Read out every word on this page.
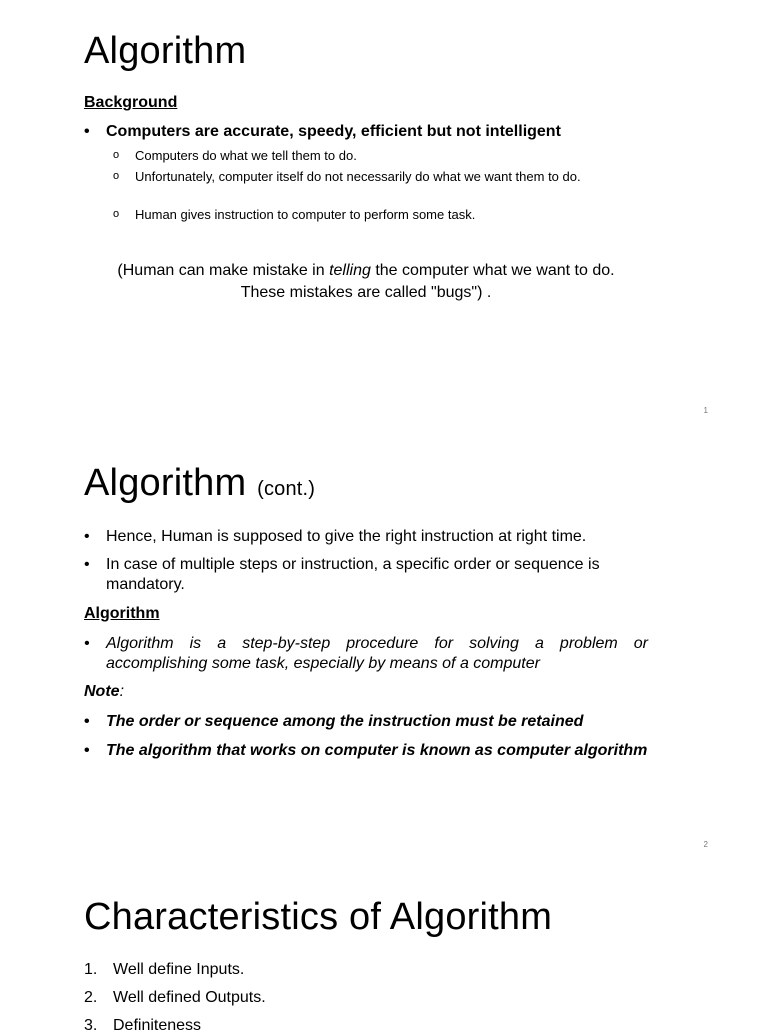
Algorithm
Background
• Computers are accurate, speedy, efficient but not intelligent
o Computers do what we tell them to do.
o Unfortunately, computer itself do not necessarily do what we want them to do.
o Human gives instruction to computer to perform some task.
(Human can make mistake in telling the computer what we want to do.
These mistakes are called "bugs") .
1
Algorithm (cont.)
• Hence, Human is supposed to give the right instruction at right time.
• In case of multiple steps or instruction, a specific order or sequence is mandatory.
Algorithm
• Algorithm is a step-by-step procedure for solving a problem or accomplishing some task, especially by means of a computer
Note:
• The order or sequence among the instruction must be retained
• The algorithm that works on computer is known as computer algorithm
2
Characteristics of Algorithm
1. Well define Inputs.
2. Well defined Outputs.
3. Definiteness
